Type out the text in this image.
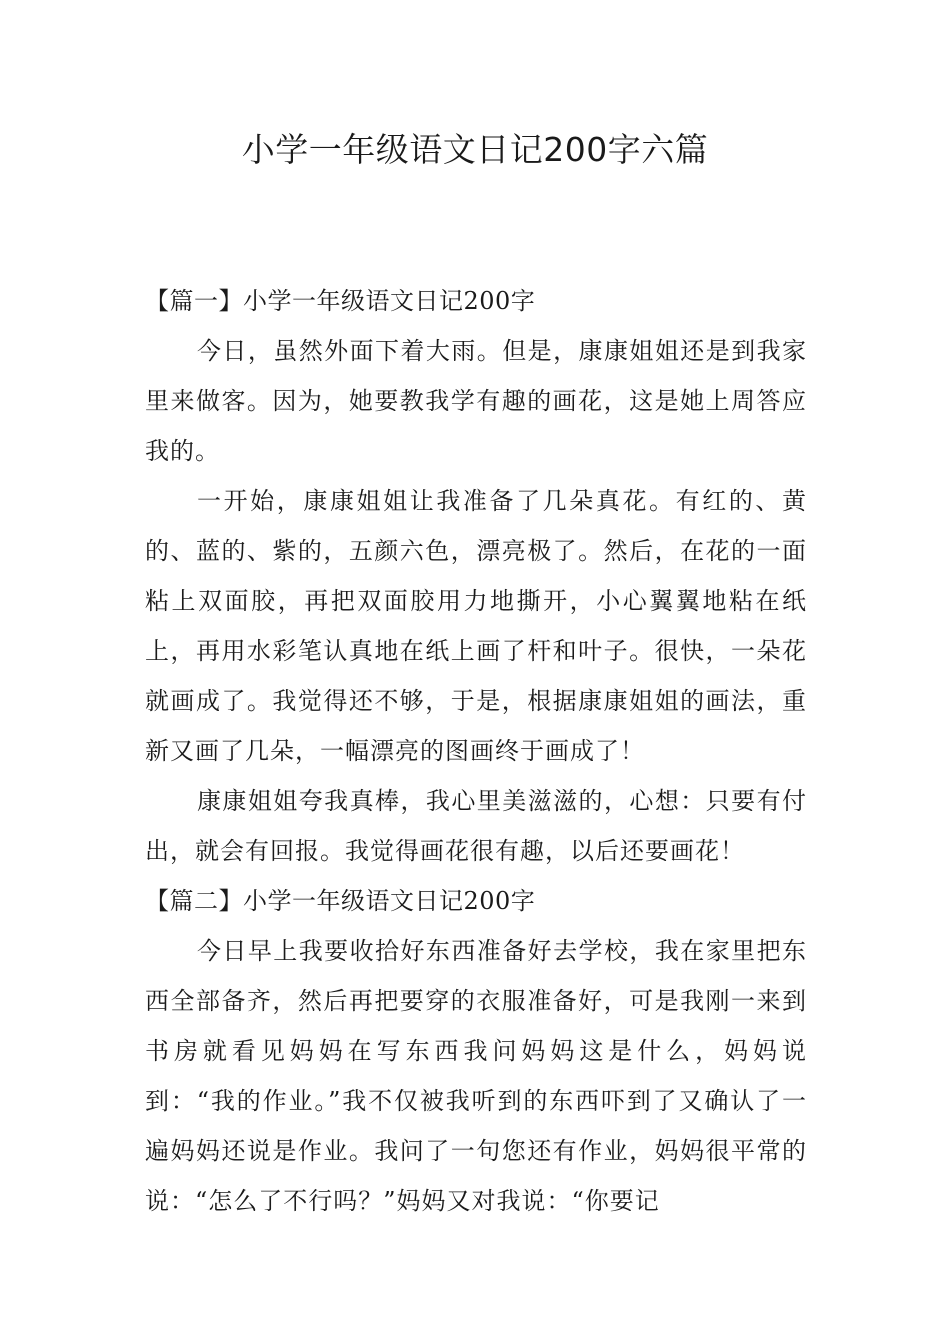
小学一年级语文日记200字六篇

【篇一】小学一年级语文日记200字

今日，虽然外面下着大雨。但是，康康姐姐还是到我家里来做客。因为，她要教我学有趣的画花，这是她上周答应我的。

一开始，康康姐姐让我准备了几朵真花。有红的、黄的、蓝的、紫的，五颜六色，漂亮极了。然后，在花的一面粘上双面胶，再把双面胶用力地撕开，小心翼翼地粘在纸上，再用水彩笔认真地在纸上画了杆和叶子。很快，一朵花就画成了。我觉得还不够，于是，根据康康姐姐的画法，重新又画了几朵，一幅漂亮的图画终于画成了！

康康姐姐夸我真棒，我心里美滋滋的，心想：只要有付出，就会有回报。我觉得画花很有趣，以后还要画花！

【篇二】小学一年级语文日记200字

今日早上我要收拾好东西准备好去学校，我在家里把东西全部备齐，然后再把要穿的衣服准备好，可是我刚一来到书房就看见妈妈在写东西我问妈妈这是什么，妈妈说到：“我的作业。”我不仅被我听到的东西吓到了又确认了一遍妈妈还说是作业。我问了一句您还有作业，妈妈很平常的说：“怎么了不行吗？”妈妈又对我说：“你要记
